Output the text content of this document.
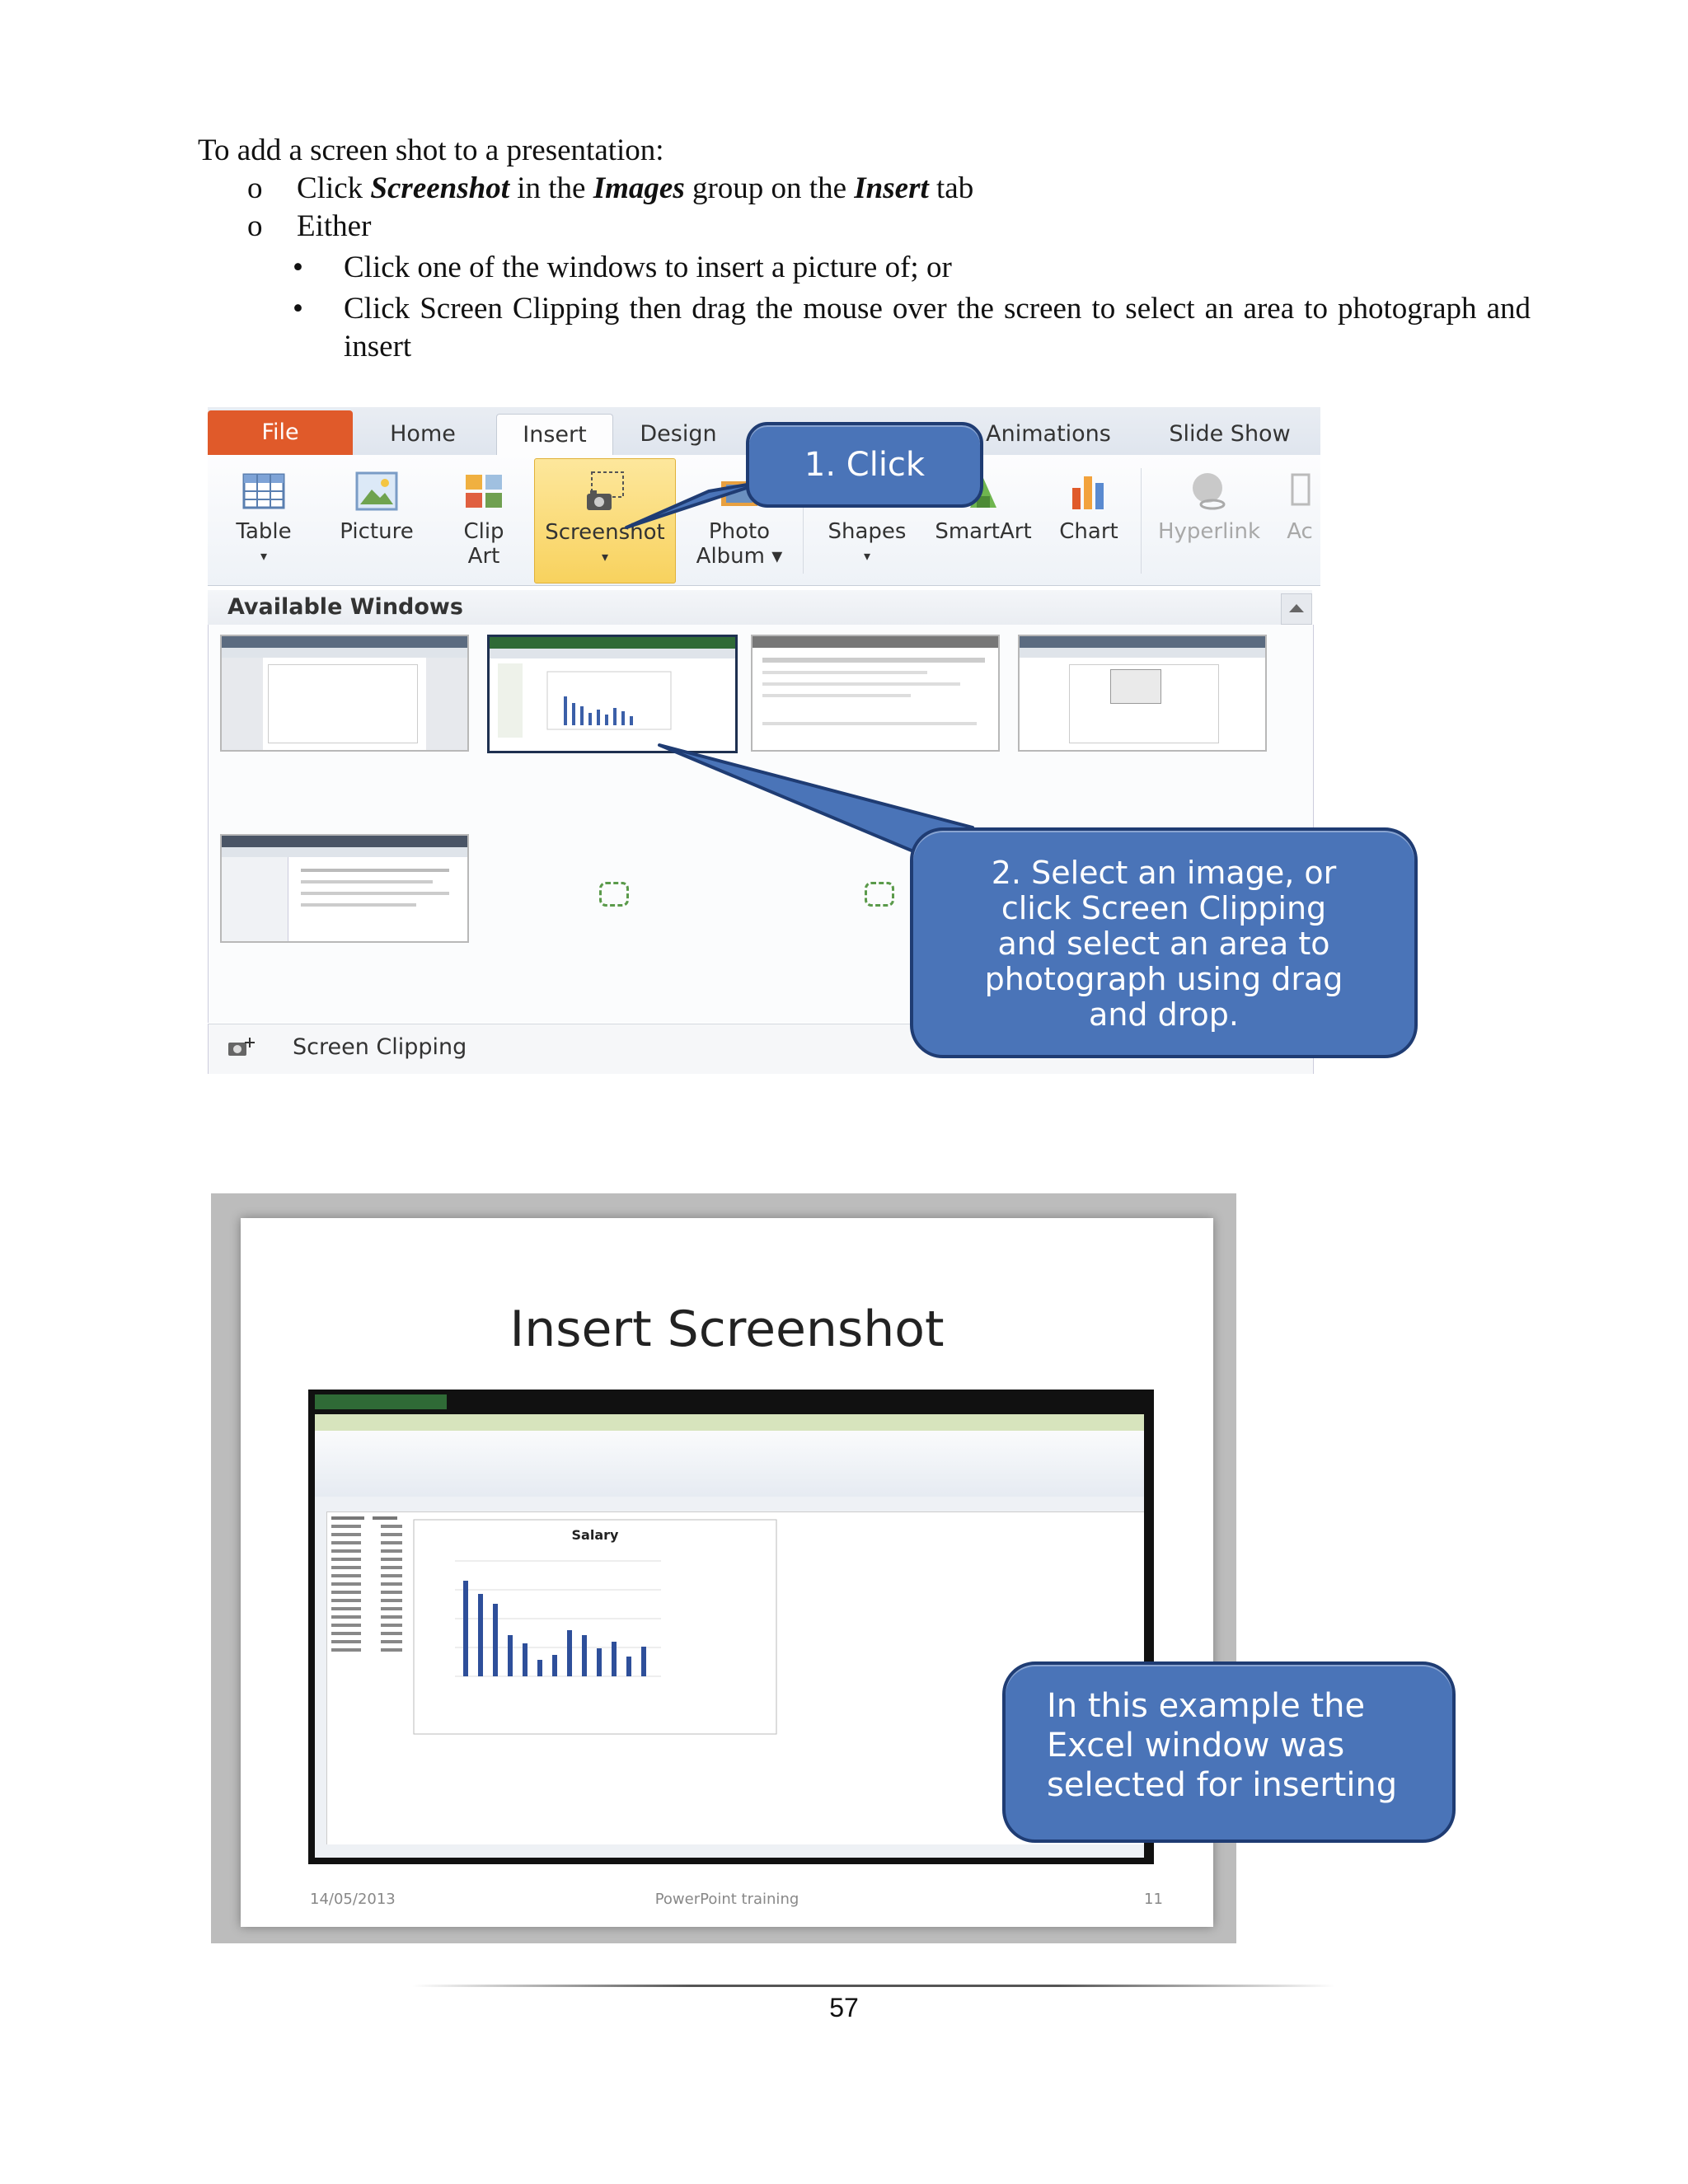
To add a screen shot to a presentation:
o Click Screenshot in the Images group on the Insert tab
o Either
• Click one of the windows to insert a picture of; or
• Click Screen Clipping then drag the mouse over the screen to select an area to photograph and insert
File	Home	Insert	Design	Animations	Slide Show
Table
▾
Picture	Clip
Art
Screenshot
▾
Photo
Album ▾
Shapes
▾
SmartArt	Chart	Hyperlink	Ac
Available Windows
Screen Clipping
1. Click
2. Select an image, or
click Screen Clipping
and select an area to
photograph using drag
and drop.
Insert Screenshot
Salary
14/05/2013	PowerPoint training	11
In this example the
Excel window was
selected for inserting
57
